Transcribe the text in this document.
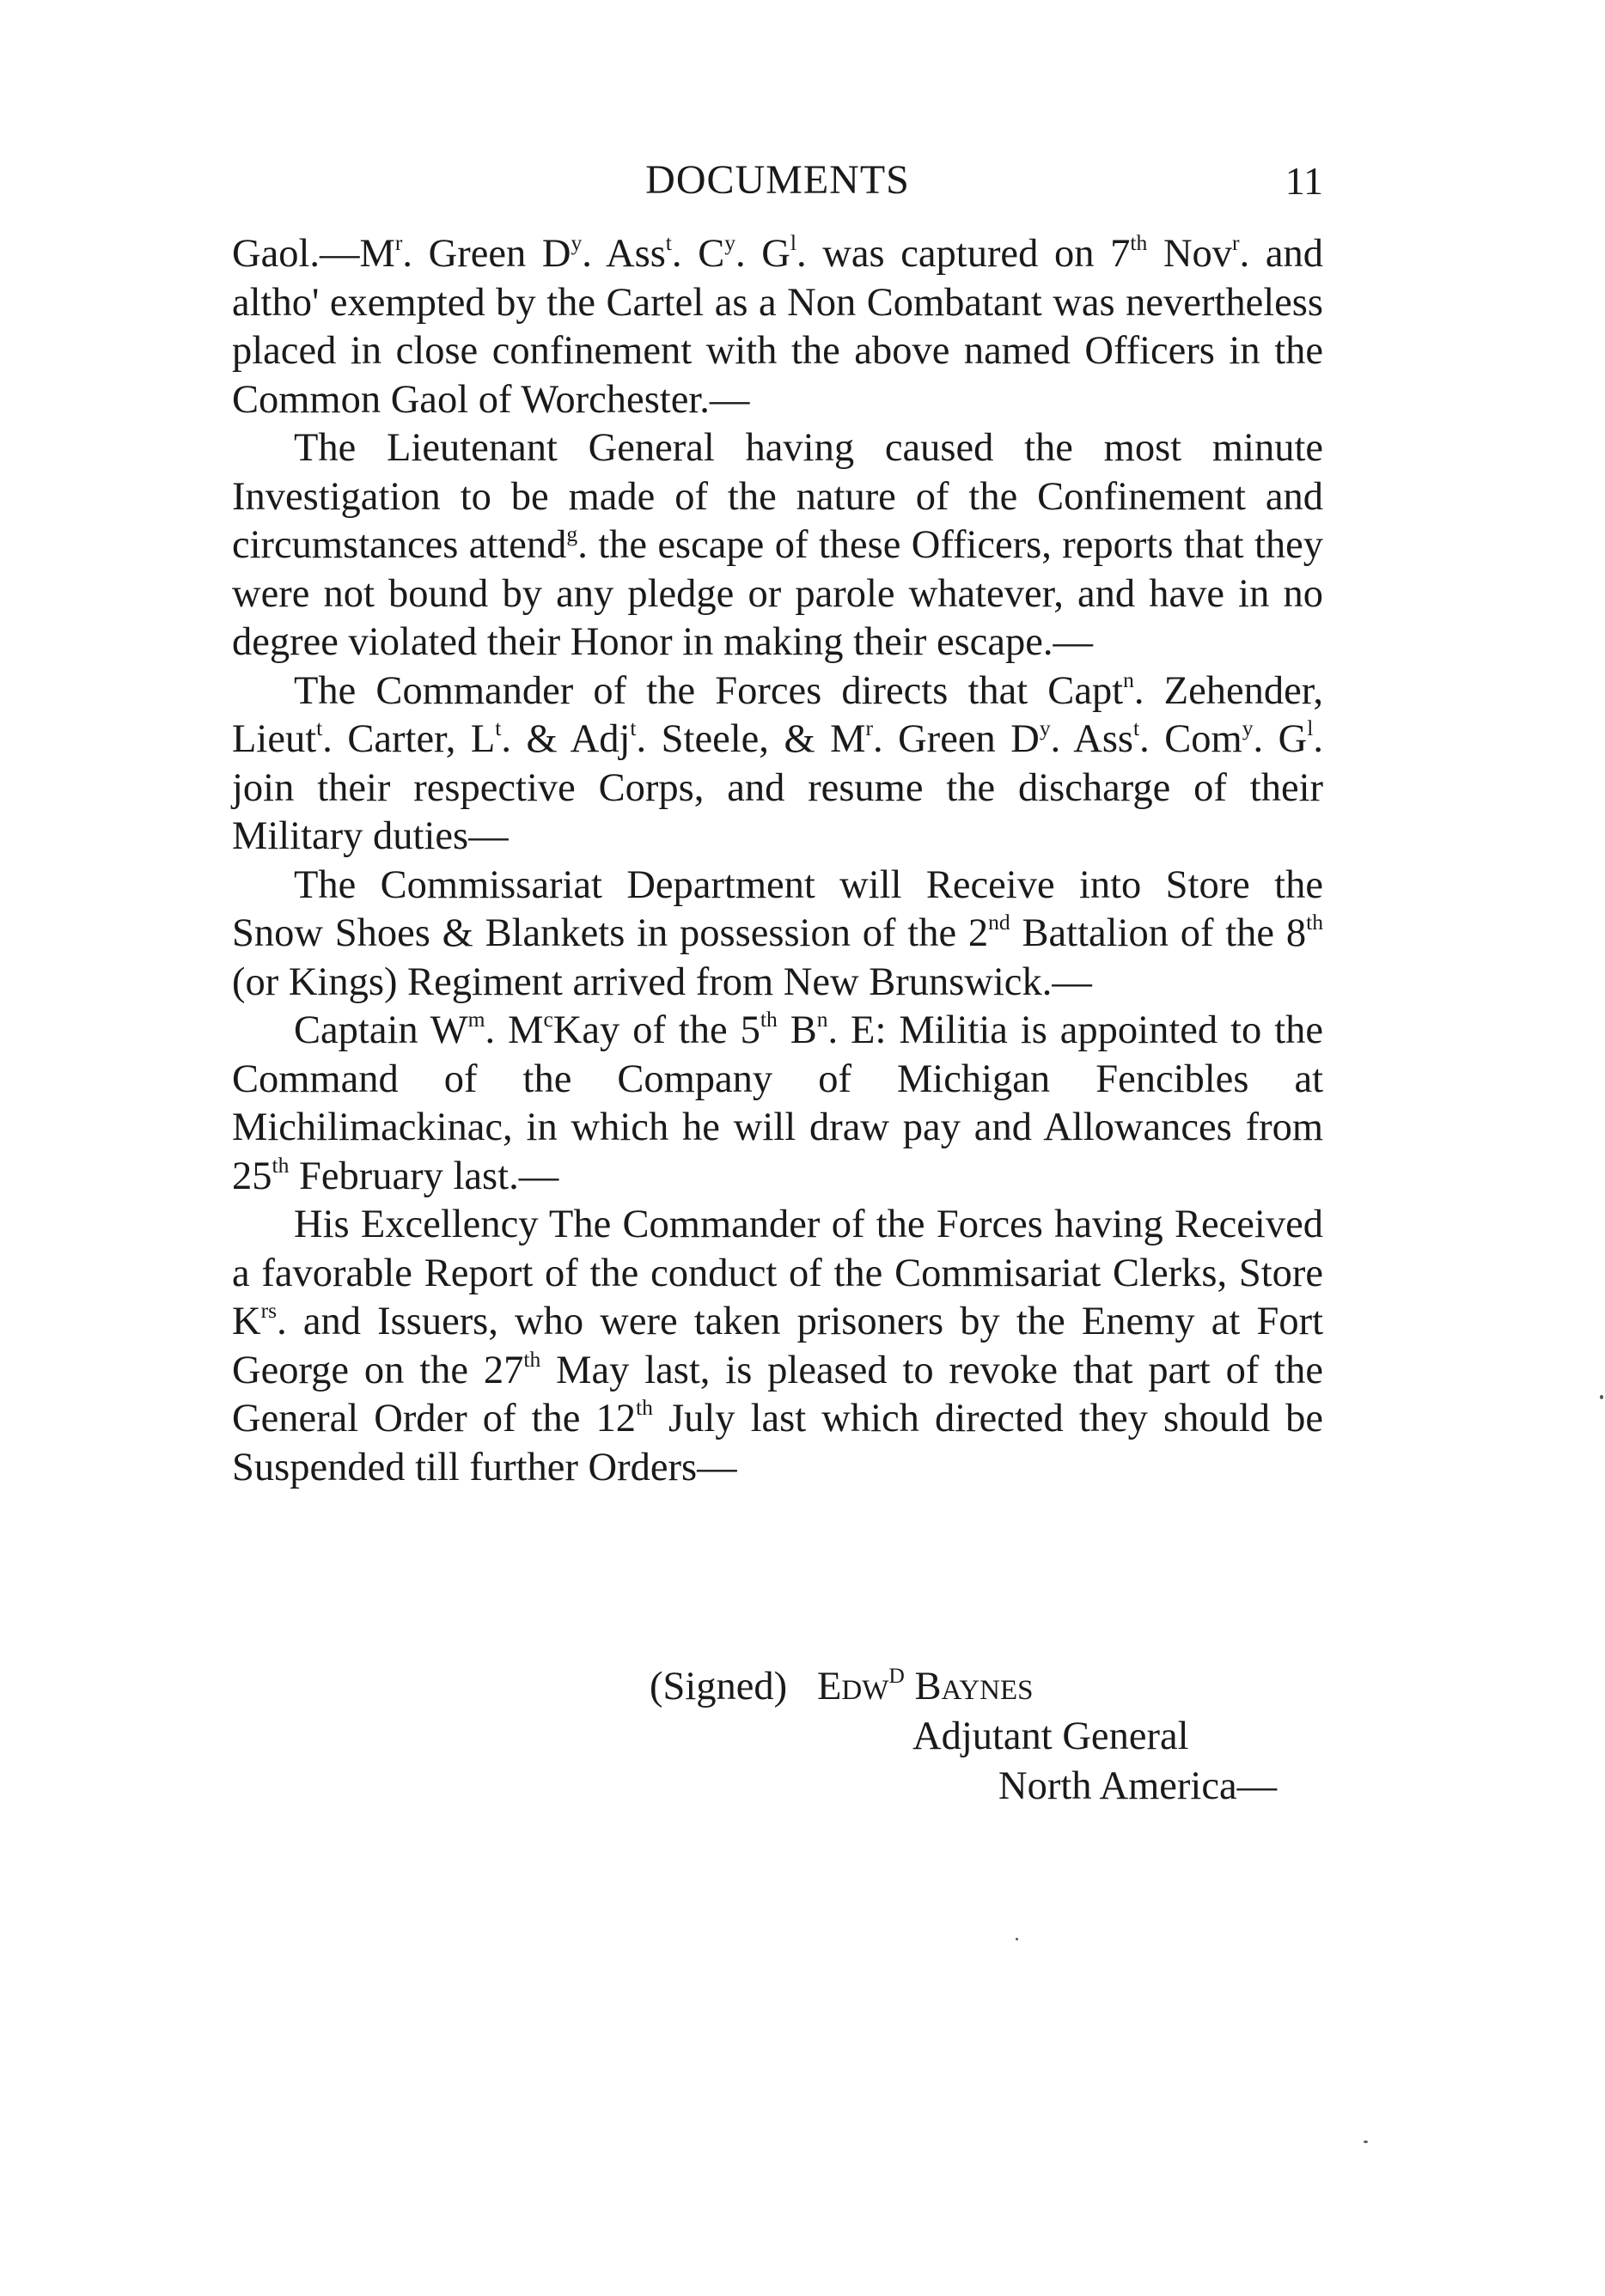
DOCUMENTS	11

$Gaol.—M^r$. Green $D^y$. Ass$^t$. $C^y$. $G^l$. was captured on 7th Nov$^r$. and altho' exempted by the Cartel as a Non Combatant was nevertheless placed in close confinement with the above named Officers in the Common Gaol of Worchester.—

The Lieutenant General having caused the most minute Investigation to be made of the nature of the Confinement and circumstances attend$^g$. the escape of these Officers, reports that they were not bound by any pledge or parole whatever, and have in no degree violated their Honor in making their escape.—

The Commander of the Forces directs that Capt$^n$. Zehender, Lieut$^t$. Carter, $L^t$. & Adj$^t$. Steele, & $M^r$. Green $D^y$. Ass$^t$. Com$^y$. $G^l$. join their respective Corps, and resume the discharge of their Military duties—

The Commissariat Department will Receive into Store the Snow Shoes & Blankets in possession of the 2nd Battalion of the 8th (or Kings) Regiment arrived from New Brunswick.—

Captain $W^m$. $M^cKay$ of the 5th $B^n$. E: Militia is appointed to the Command of the Company of Michigan Fencibles at Michilimackinac, in which he will draw pay and Allowances from 25th February last.—

His Excellency The Commander of the Forces having Received a favorable Report of the conduct of the Commisariat Clerks, Store $K^{rs}$. and Issuers, who were taken prisoners by the Enemy at Fort George on the 27th May last, is pleased to revoke that part of the General Order of the 12th July last which directed they should be Suspended till further Orders—

(Signed) Edw$^D$ Baynes
Adjutant General
North America—
